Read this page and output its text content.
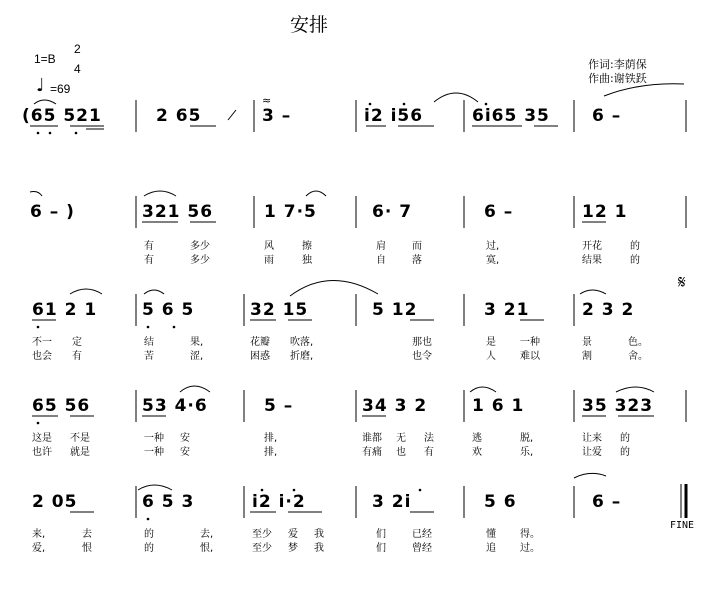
安排
1=B
2
4
♩ =69
作词:李荫保
作曲:谢铁跃
(65 521	2 65	3 –	i2 i56	6i65 35 6 –
≈
6 – )	321 56	1 7·5	6· 7	6 –	12 1
有	多少	风	擦	肩	而	过,	开花	的
有	多少	雨	独	自	落	寞,	结果	的
𝄋
61 2 1	5 6 5	32 15	5 12	3 21	2 3 2
不一 定	结	果,	花瓣 吹落,	那也	是 一种	景	色。
也会 有	苦	涩,	困惑 折磨,	也令	人 难以	割	舍。
65 56	53 4·6	5 –	34 3 2	1 6 1	35 323
这是 不是	一种 安	排,	谁都 无 法	逃	脱,	让来 的
也许 就是	一种 安	排,	有痛 也 有	欢	乐,	让爱 的
2 05	6 5 3	i2 i·2	3 2i	5 6	6 –
FINE
来,	去	的	去,	至少 爱 我	们	已经	懂 得。
爱,	恨	的	恨,	至少 梦 我	们	曾经	追 过。
